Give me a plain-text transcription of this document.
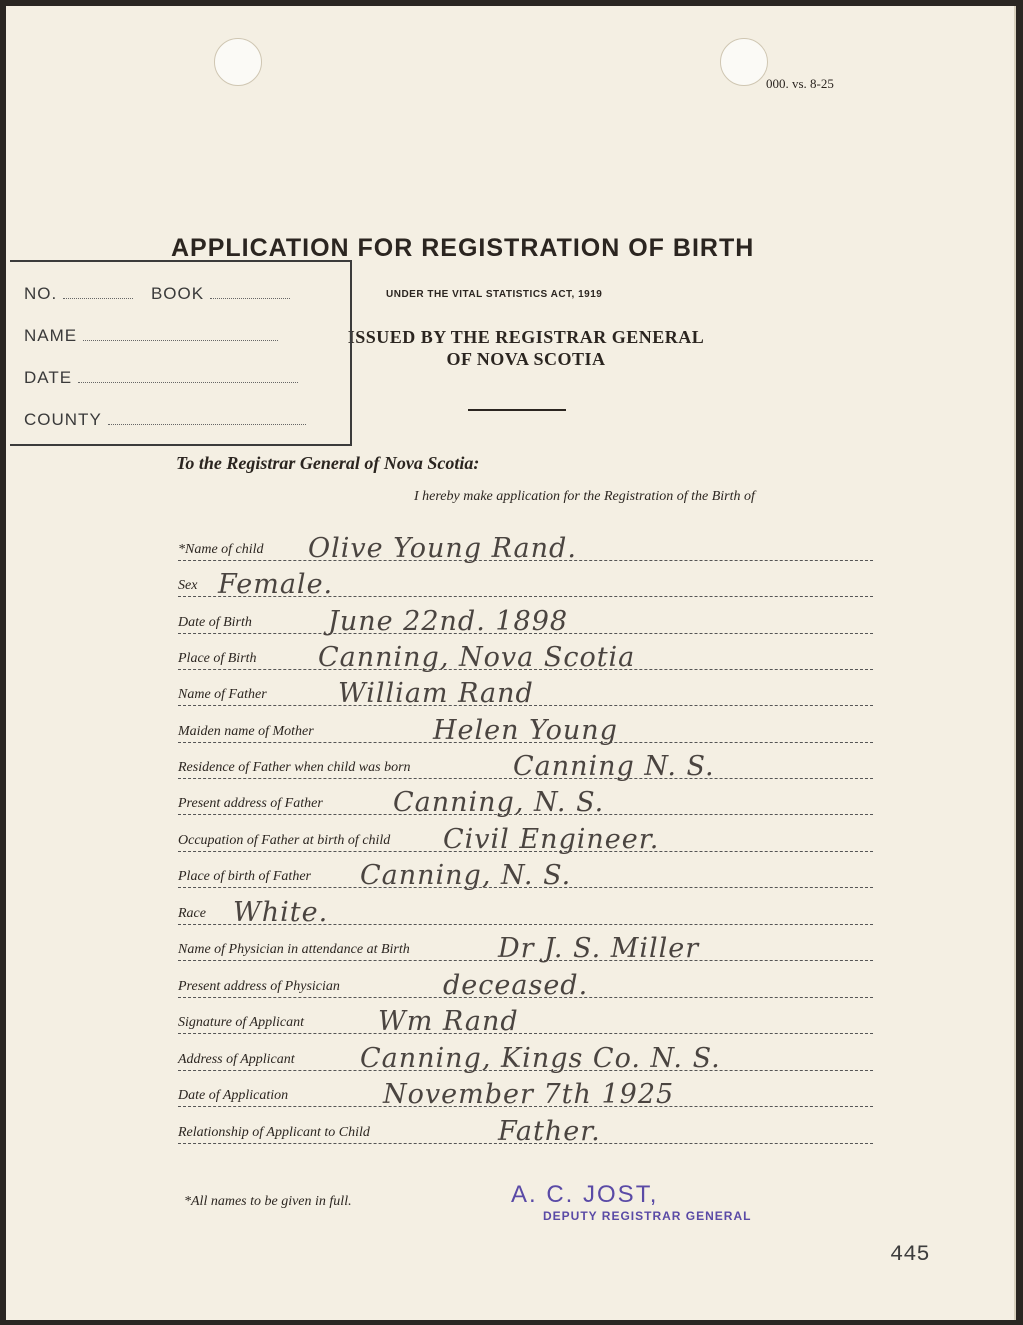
000. vs. 8-25
APPLICATION FOR REGISTRATION OF BIRTH
UNDER THE VITAL STATISTICS ACT, 1919
ISSUED BY THE REGISTRAR GENERAL
OF NOVA SCOTIA
NO.	BOOK
NAME
DATE
COUNTY
To the Registrar General of Nova Scotia:
I hereby make application for the Registration of the Birth of
*Name of child Olive Young Rand.
Sex Female.
Date of Birth	June 22nd. 1898
Place of Birth Canning, Nova Scotia
Name of Father	William Rand
Maiden name of Mother	Helen Young
Residence of Father when child was born	Canning N. S.
Present address of Father	Canning, N. S.
Occupation of Father at birth of child Civil Engineer.
Place of birth of Father Canning, N. S.
Race White.
Name of Physician in attendance at Birth	Dr J. S. Miller
Present address of Physician	deceased.
Signature of Applicant	Wm Rand
Address of Applicant Canning, Kings Co. N. S.
Date of Application	November 7th 1925
Relationship of Applicant to Child	Father.
*All names to be given in full.	A. C. JOST,
DEPUTY REGISTRAR GENERAL
445
